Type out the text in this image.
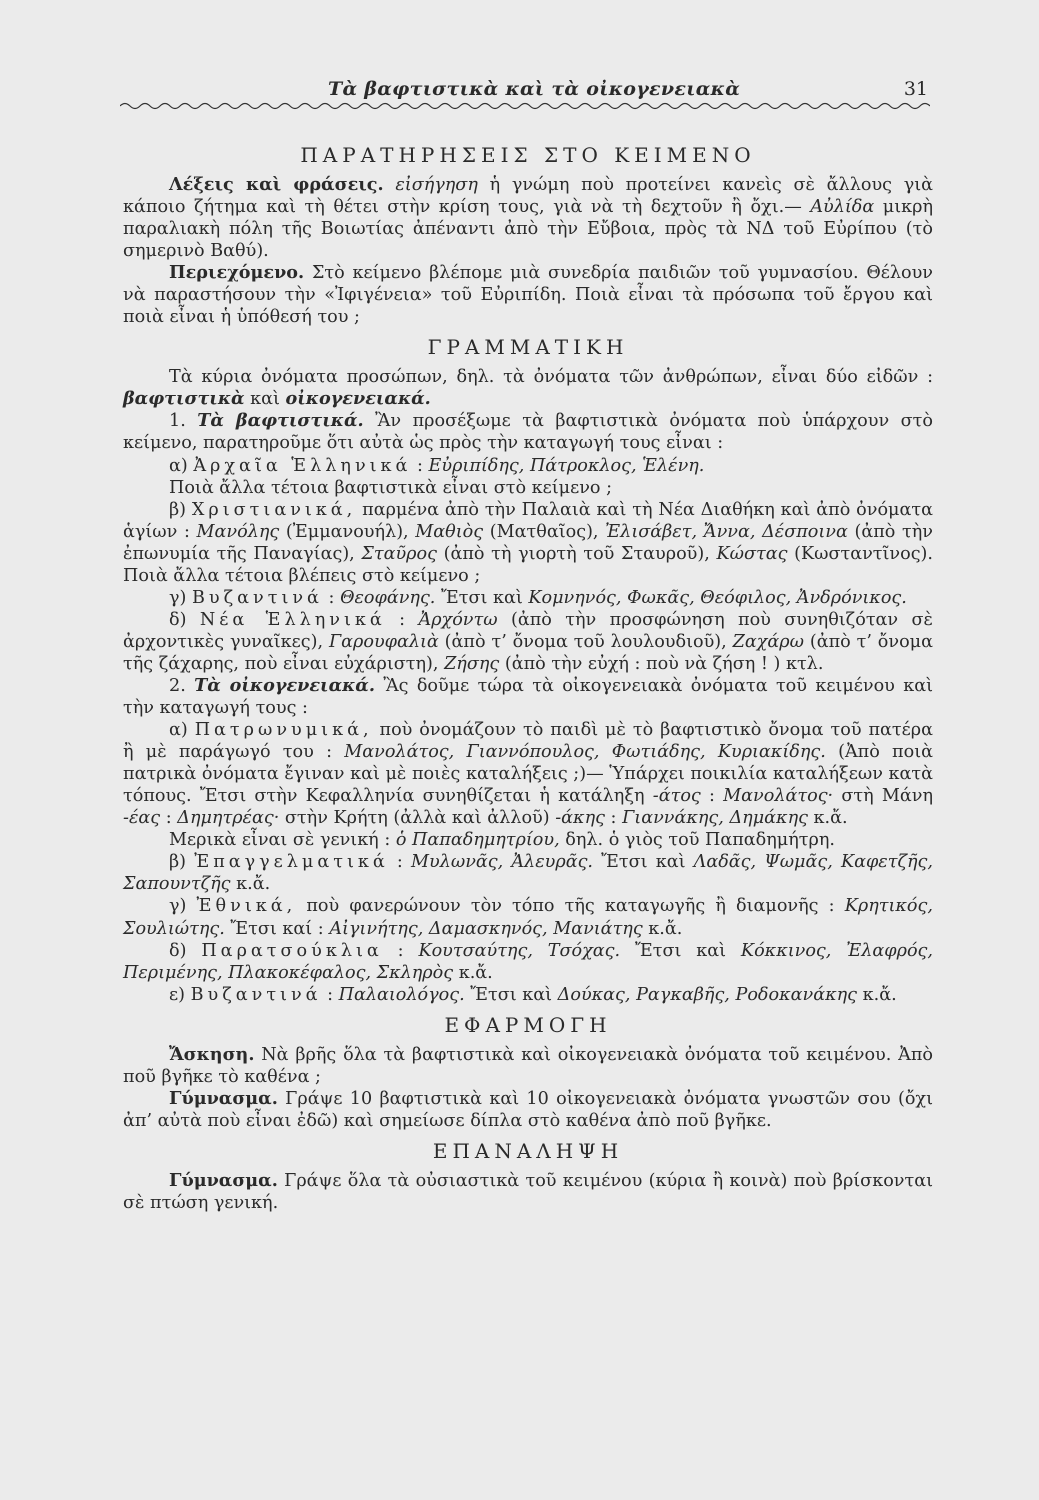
Τὰ βαφτιστικὰ καὶ τὰ οἰκογενειακὰ	31
ΠΑΡΑΤΗΡΗΣΕΙΣ ΣΤΟ ΚΕΙΜΕΝΟ

Λέξεις καὶ φράσεις. εἰσήγηση ἡ γνώμη ποὺ προτείνει κανεὶς σὲ ἄλλους γιὰ κάποιο ζήτημα καὶ τὴ θέτει στὴν κρίση τους, γιὰ νὰ τὴ δεχτοῦν ἢ ὄχι.— Αὐλίδα μικρὴ παραλιακὴ πόλη τῆς Βοιωτίας ἀπέναντι ἀπὸ τὴν Εὔβοια, πρὸς τὰ ΝΔ τοῦ Εὐρίπου (τὸ σημερινὸ Βαθύ).

Περιεχόμενο. Στὸ κείμενο βλέπομε μιὰ συνεδρία παιδιῶν τοῦ γυμνασίου. Θέλουν νὰ παραστήσουν τὴν «Ἰφιγένεια» τοῦ Εὐριπίδη. Ποιὰ εἶναι τὰ πρόσωπα τοῦ ἔργου καὶ ποιὰ εἶναι ἡ ὑπόθεσή του ;

ΓΡΑΜΜΑΤΙΚΗ

Τὰ κύρια ὀνόματα προσώπων, δηλ. τὰ ὀνόματα τῶν ἀνθρώπων, εἶναι δύο εἰδῶν : βαφτιστικὰ καὶ οἰκογενειακά.

1. Τὰ βαφτιστικά. Ἂν προσέξωμε τὰ βαφτιστικὰ ὀνόματα ποὺ ὑπάρχουν στὸ κείμενο, παρατηροῦμε ὅτι αὐτὰ ὡς πρὸς τὴν καταγωγή τους εἶναι :

α) Ἀρχαῖα Ἑλληνικά : Εὐριπίδης, Πάτροκλος, Ἑλένη.

Ποιὰ ἄλλα τέτοια βαφτιστικὰ εἶναι στὸ κείμενο ;

β) Χριστιανικά, παρμένα ἀπὸ τὴν Παλαιὰ καὶ τὴ Νέα Διαθήκη καὶ ἀπὸ ὀνόματα ἁγίων : Μανόλης (Ἐμμανουήλ), Μαθιὸς (Ματθαῖος), Ἐλισάβετ, Ἄννα, Δέσποινα (ἀπὸ τὴν ἐπωνυμία τῆς Παναγίας), Σταῦρος (ἀπὸ τὴ γιορτὴ τοῦ Σταυροῦ), Κώστας (Κωσταντῖνος). Ποιὰ ἄλλα τέτοια βλέπεις στὸ κείμενο ;

γ) Βυζαντινά : Θεοφάνης. Ἔτσι καὶ Κομνηνός, Φωκᾶς, Θεόφιλος, Ἀνδρόνικος.

δ) Νέα Ἑλληνικά : Ἀρχόντω (ἀπὸ τὴν προσφώνηση ποὺ συνηθιζόταν σὲ ἀρχοντικὲς γυναῖκες), Γαρουφαλιὰ (ἀπὸ τ’ ὄνομα τοῦ λουλουδιοῦ), Ζαχάρω (ἀπὸ τ’ ὄνομα τῆς ζάχαρης, ποὺ εἶναι εὐχάριστη), Ζήσης (ἀπὸ τὴν εὐχή : ποὺ νὰ ζήση ! ) κτλ.

2. Τὰ οἰκογενειακά. Ἂς δοῦμε τώρα τὰ οἰκογενειακὰ ὀνόματα τοῦ κειμένου καὶ τὴν καταγωγή τους :

α) Πατρωνυμικά, ποὺ ὀνομάζουν τὸ παιδὶ μὲ τὸ βαφτιστικὸ ὄνομα τοῦ πατέρα ἢ μὲ παράγωγό του : Μανολάτος, Γιαννόπουλος, Φωτιάδης, Κυριακίδης. (Ἀπὸ ποιὰ πατρικὰ ὀνόματα ἔγιναν καὶ μὲ ποιὲς καταλήξεις ;)— Ὑπάρχει ποικιλία καταλήξεων κατὰ τόπους. Ἔτσι στὴν Κεφαλληνία συνηθίζεται ἡ κατάληξη -άτος : Μανολάτος· στὴ Μάνη -έας : Δημητρέας· στὴν Κρήτη (ἀλλὰ καὶ ἀλλοῦ) -άκης : Γιαννάκης, Δημάκης κ.ἄ.

Μερικὰ εἶναι σὲ γενική : ὁ Παπαδημητρίου, δηλ. ὁ γιὸς τοῦ Παπαδημήτρη.

β) Ἐπαγγελματικά : Μυλωνᾶς, Ἀλευρᾶς. Ἔτσι καὶ Λαδᾶς, Ψωμᾶς, Καφετζῆς, Σαπουντζῆς κ.ἄ.

γ) Ἐθνικά, ποὺ φανερώνουν τὸν τόπο τῆς καταγωγῆς ἢ διαμονῆς : Κρητικός, Σουλιώτης. Ἔτσι καί : Αἰγινήτης, Δαμασκηνός, Μανιάτης κ.ἄ.

δ) Παρατσούκλια : Κουτσαύτης, Τσόχας. Ἔτσι καὶ Κόκκινος, Ἐλαφρός, Περιμένης, Πλακοκέφαλος, Σκληρὸς κ.ἄ.

ε) Βυζαντινά : Παλαιολόγος. Ἔτσι καὶ Δούκας, Ραγκαβῆς, Ροδοκανάκης κ.ἄ.

ΕΦΑΡΜΟΓΗ

Ἄσκηση. Νὰ βρῆς ὅλα τὰ βαφτιστικὰ καὶ οἰκογενειακὰ ὀνόματα τοῦ κειμένου. Ἀπὸ ποῦ βγῆκε τὸ καθένα ;

Γύμνασμα. Γράψε 10 βαφτιστικὰ καὶ 10 οἰκογενειακὰ ὀνόματα γνωστῶν σου (ὄχι ἀπ’ αὐτὰ ποὺ εἶναι ἐδῶ) καὶ σημείωσε δίπλα στὸ καθένα ἀπὸ ποῦ βγῆκε.

ΕΠΑΝΑΛΗΨΗ

Γύμνασμα. Γράψε ὅλα τὰ οὐσιαστικὰ τοῦ κειμένου (κύρια ἢ κοινὰ) ποὺ βρίσκονται σὲ πτώση γενική.
